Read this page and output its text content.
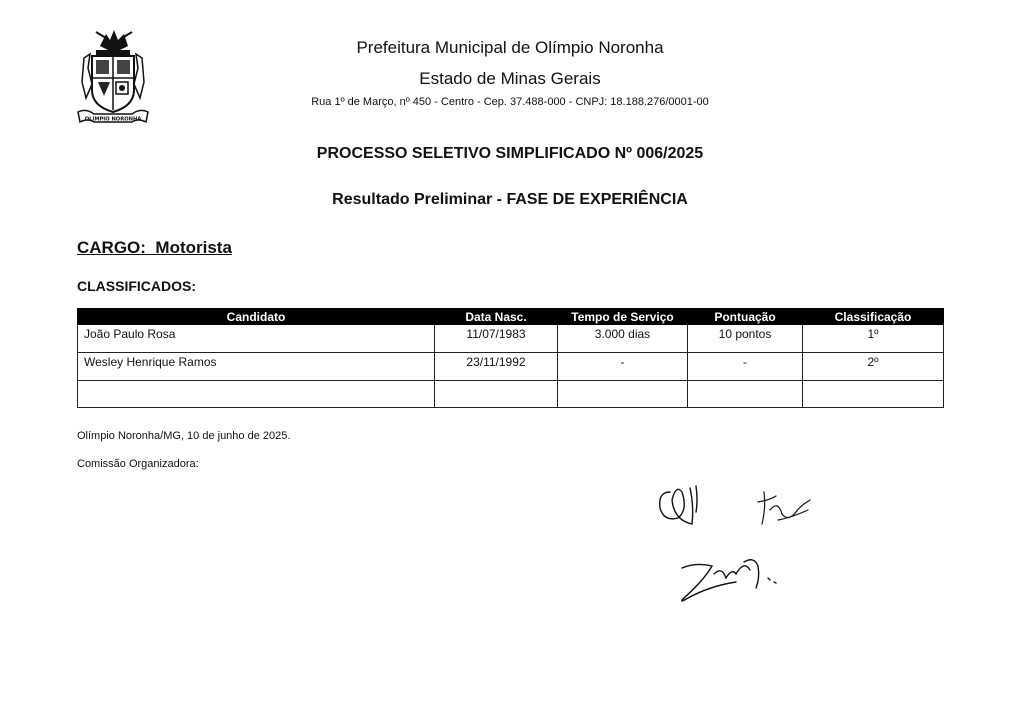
OLIMPIO NORONHA
Prefeitura Municipal de Olímpio Noronha
Estado de Minas Gerais
Rua 1º de Março, nº 450 - Centro - Cep. 37.488-000 - CNPJ: 18.188.276/0001-00
PROCESSO SELETIVO SIMPLIFICADO Nº 006/2025
Resultado Preliminar - FASE DE EXPERIÊNCIA
CARGO: Motorista
CLASSIFICADOS:
Candidato	Data Nasc.	Tempo de Serviço	Pontuação	Classificação
João Paulo Rosa	11/07/1983	3.000 dias	10 pontos	1º
Wesley Henrique Ramos	23/11/1992	-	-	2º

Olímpio Noronha/MG, 10 de junho de 2025.
Comissão Organizadora:
